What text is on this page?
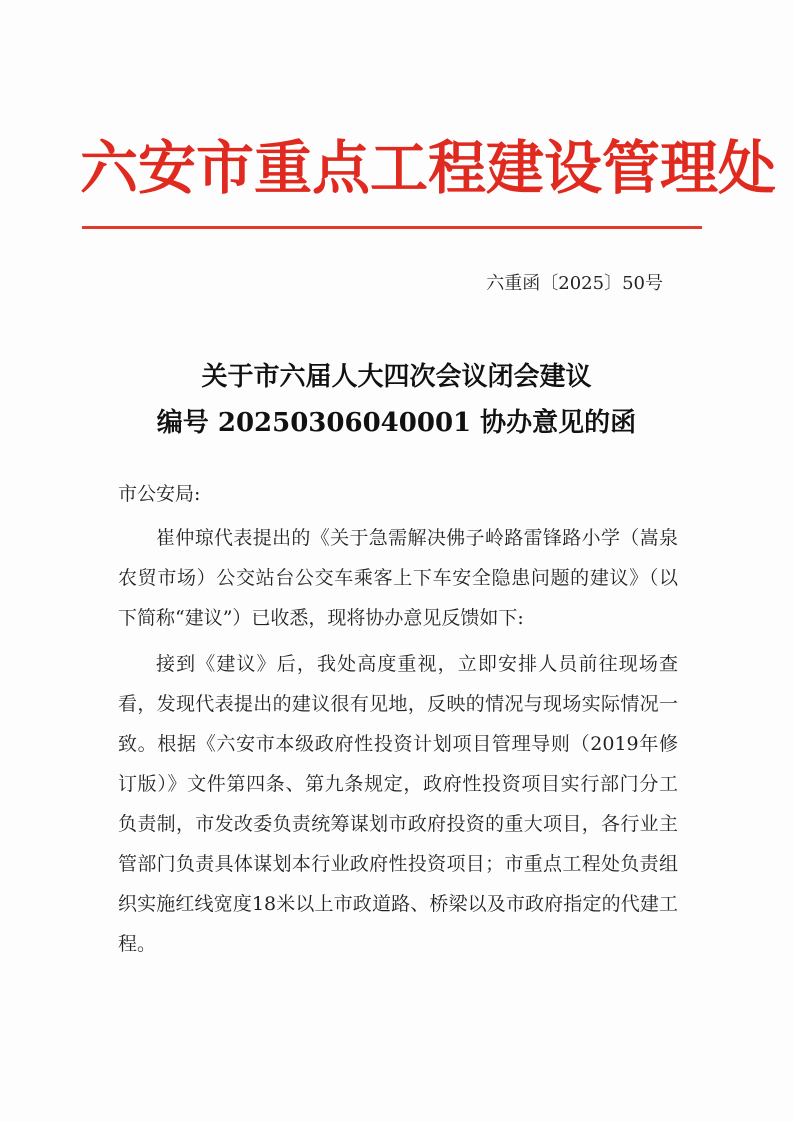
六安市重点工程建设管理处
六重函〔2025〕50号
关于市六届人大四次会议闭会建议
编号 20250306040001 协办意见的函
市公安局:

崔仲琼代表提出的《关于急需解决佛子岭路雷锋路小学（嵩泉农贸市场）公交站台公交车乘客上下车安全隐患问题的建议》（以下简称“建议”）已收悉，现将协办意见反馈如下:

接到《建议》后，我处高度重视，立即安排人员前往现场查看，发现代表提出的建议很有见地，反映的情况与现场实际情况一致。根据《六安市本级政府性投资计划项目管理导则（2019年修订版）》文件第四条、第九条规定，政府性投资项目实行部门分工负责制，市发改委负责统筹谋划市政府投资的重大项目，各行业主管部门负责具体谋划本行业政府性投资项目；市重点工程处负责组织实施红线宽度18米以上市政道路、桥梁以及市政府指定的代建工程。
